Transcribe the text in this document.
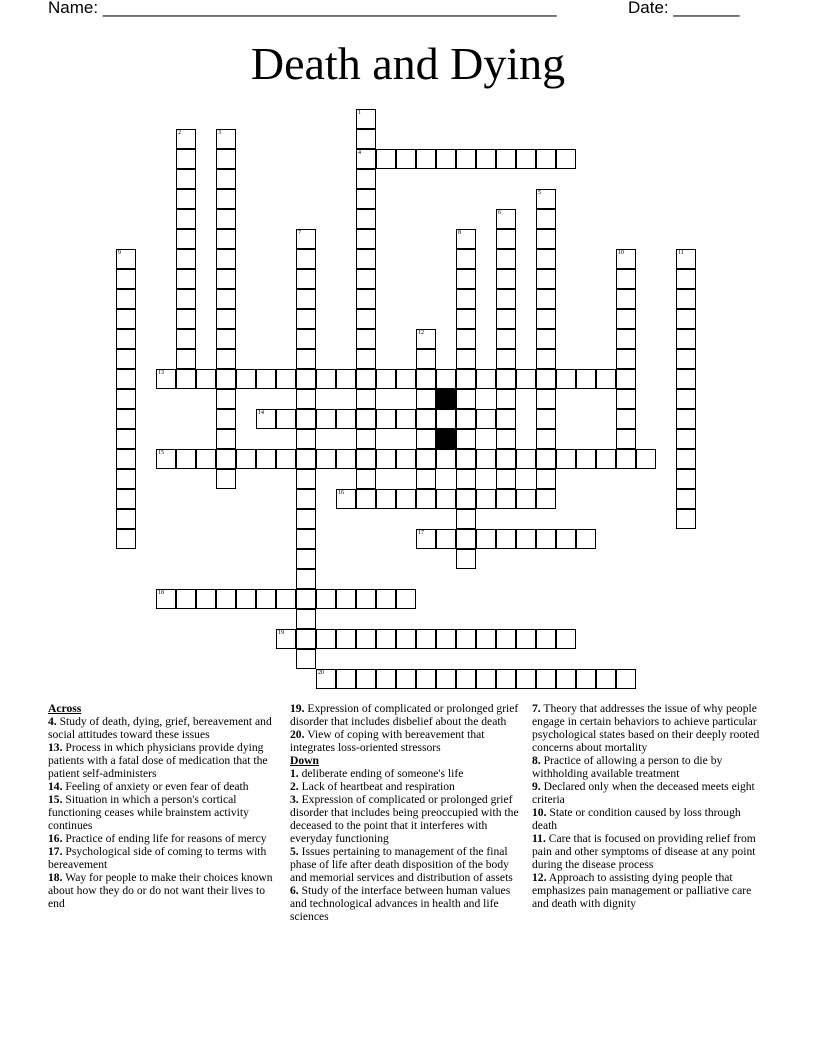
Name: ________________________________________________	Date: _______
Death and Dying
4
13
14
15
16
17
18
19
20
1
2	3
5
6
7	8
9	10	11
12
Across
4. Study of death, dying, grief, bereavement and social attitudes toward these issues
13. Process in which physicians provide dying patients with a fatal dose of medication that the patient self-administers
14. Feeling of anxiety or even fear of death
15. Situation in which a person's cortical functioning ceases while brainstem activity continues
16. Practice of ending life for reasons of mercy
17. Psychological side of coming to terms with bereavement
18. Way for people to make their choices known about how they do or do not want their lives to end
19. Expression of complicated or prolonged grief disorder that includes disbelief about the death
20. View of coping with bereavement that integrates loss-oriented stressors
Down
1. deliberate ending of someone's life
2. Lack of heartbeat and respiration
3. Expression of complicated or prolonged grief disorder that includes being preoccupied with the deceased to the point that it interferes with everyday functioning
5. Issues pertaining to management of the final phase of life after death disposition of the body and memorial services and distribution of assets
6. Study of the interface between human values and technological advances in health and life sciences
7. Theory that addresses the issue of why people engage in certain behaviors to achieve particular psychological states based on their deeply rooted concerns about mortality
8. Practice of allowing a person to die by withholding available treatment
9. Declared only when the deceased meets eight criteria
10. State or condition caused by loss through death
11. Care that is focused on providing relief from pain and other symptoms of disease at any point during the disease process
12. Approach to assisting dying people that emphasizes pain management or palliative care and death with dignity
